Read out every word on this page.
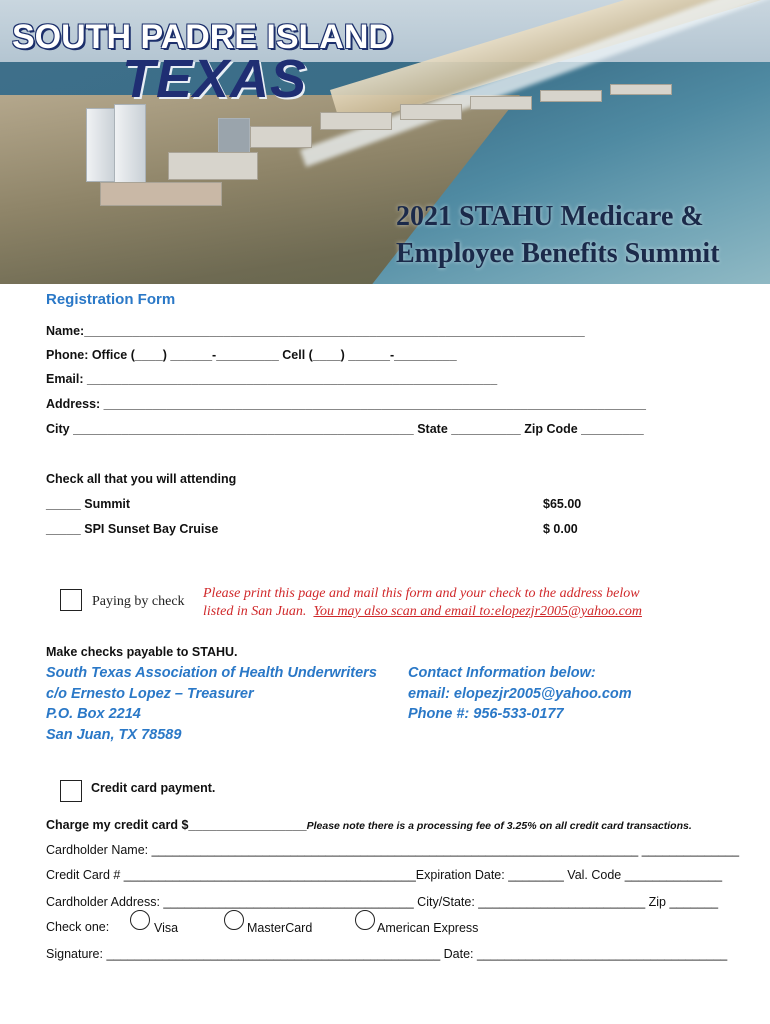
SOUTH PADRE ISLAND
TEXAS
2021 STAHU Medicare &
Employee Benefits Summit
Registration Form
Name:________________________________________________________________________
Phone: Office (____) ______-_________ Cell (____) ______-_________
Email: ___________________________________________________________
Address: ______________________________________________________________________________
City _________________________________________________ State __________ Zip Code _________
Check all that you will attending
_____ Summit	$65.00
_____ SPI Sunset Bay Cruise	$ 0.00
Paying by check
Please print this page and mail this form and your check to the address below
listed in San Juan. You may also scan and email to:elopezjr2005@yahoo.com
Make checks payable to STAHU.
South Texas Association of Health Underwriters
c/o Ernesto Lopez – Treasurer
P.O. Box 2214
San Juan, TX 78589
Contact Information below:
email: elopezjr2005@yahoo.com
Phone #: 956-533-0177
Credit card payment.
Charge my credit card $_________________Please note there is a processing fee of 3.25% on all credit card transactions.
Cardholder Name: ______________________________________________________________________ ______________
Credit Card # __________________________________________Expiration Date: ________ Val. Code ______________
Cardholder Address: ____________________________________ City/State: ________________________ Zip _______
Check one:	Visa	MasterCard	American Express
Signature: ________________________________________________ Date: ____________________________________
